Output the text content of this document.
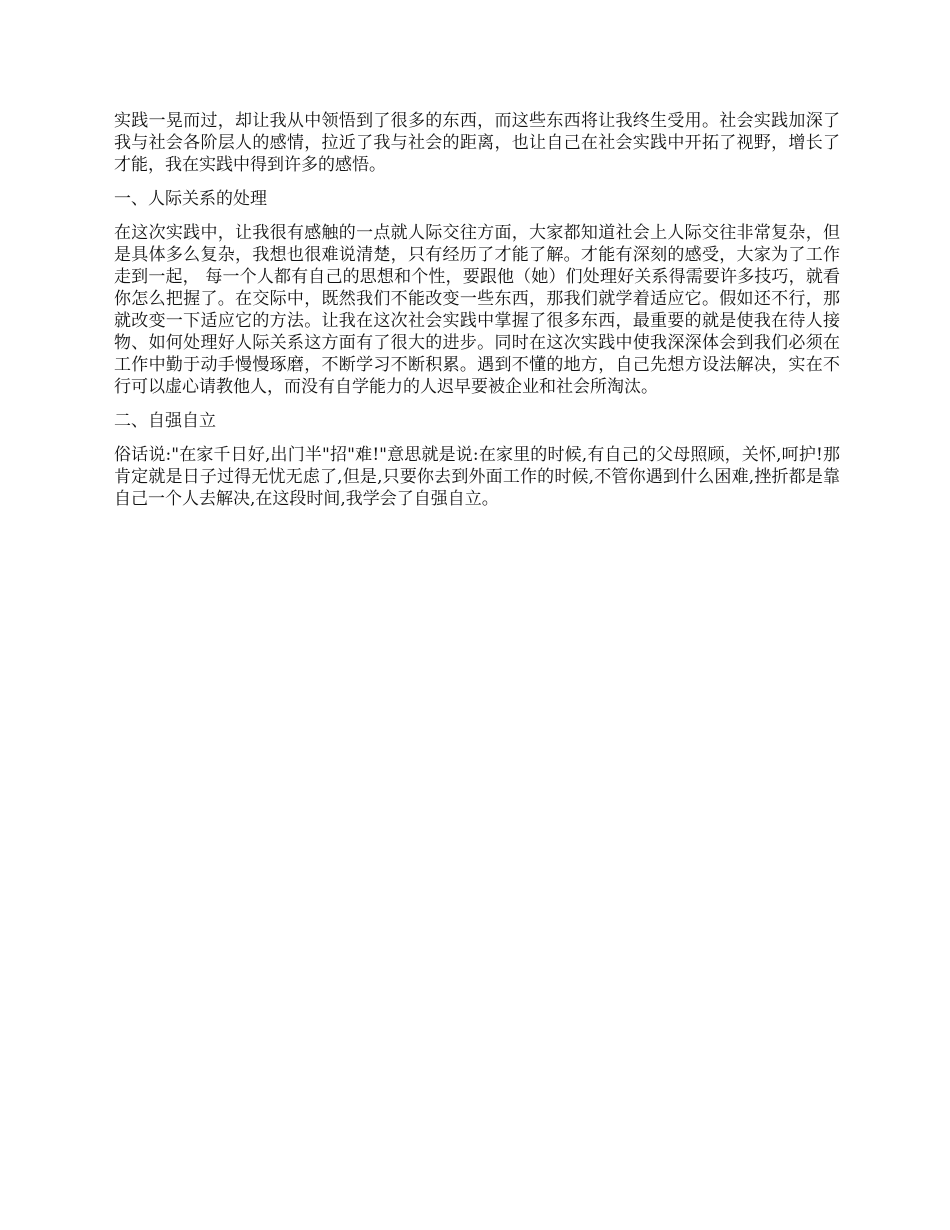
实践一晃而过，却让我从中领悟到了很多的东西，而这些东西将让我终生受用。社会实践加深了我与社会各阶层人的感情，拉近了我与社会的距离，也让自己在社会实践中开拓了视野，增长了才能，我在实践中得到许多的感悟。

一、人际关系的处理

在这次实践中，让我很有感触的一点就人际交往方面，大家都知道社会上人际交往非常复杂，但是具体多么复杂，我想也很难说清楚，只有经历了才能了解。才能有深刻的感受，大家为了工作走到一起， 每一个人都有自己的思想和个性，要跟他（她）们处理好关系得需要许多技巧，就看你怎么把握了。在交际中，既然我们不能改变一些东西，那我们就学着适应它。假如还不行，那就改变一下适应它的方法。让我在这次社会实践中掌握了很多东西，最重要的就是使我在待人接物、如何处理好人际关系这方面有了很大的进步。同时在这次实践中使我深深体会到我们必须在工作中勤于动手慢慢琢磨，不断学习不断积累。遇到不懂的地方，自己先想方设法解决，实在不行可以虚心请教他人，而没有自学能力的人迟早要被企业和社会所淘汰。

二、自强自立

俗话说:"在家千日好,出门半"招"难!"意思就是说:在家里的时候,有自己的父母照顾，关怀,呵护!那肯定就是日子过得无忧无虑了,但是,只要你去到外面工作的时候,不管你遇到什么困难,挫折都是靠自己一个人去解决,在这段时间,我学会了自强自立。
